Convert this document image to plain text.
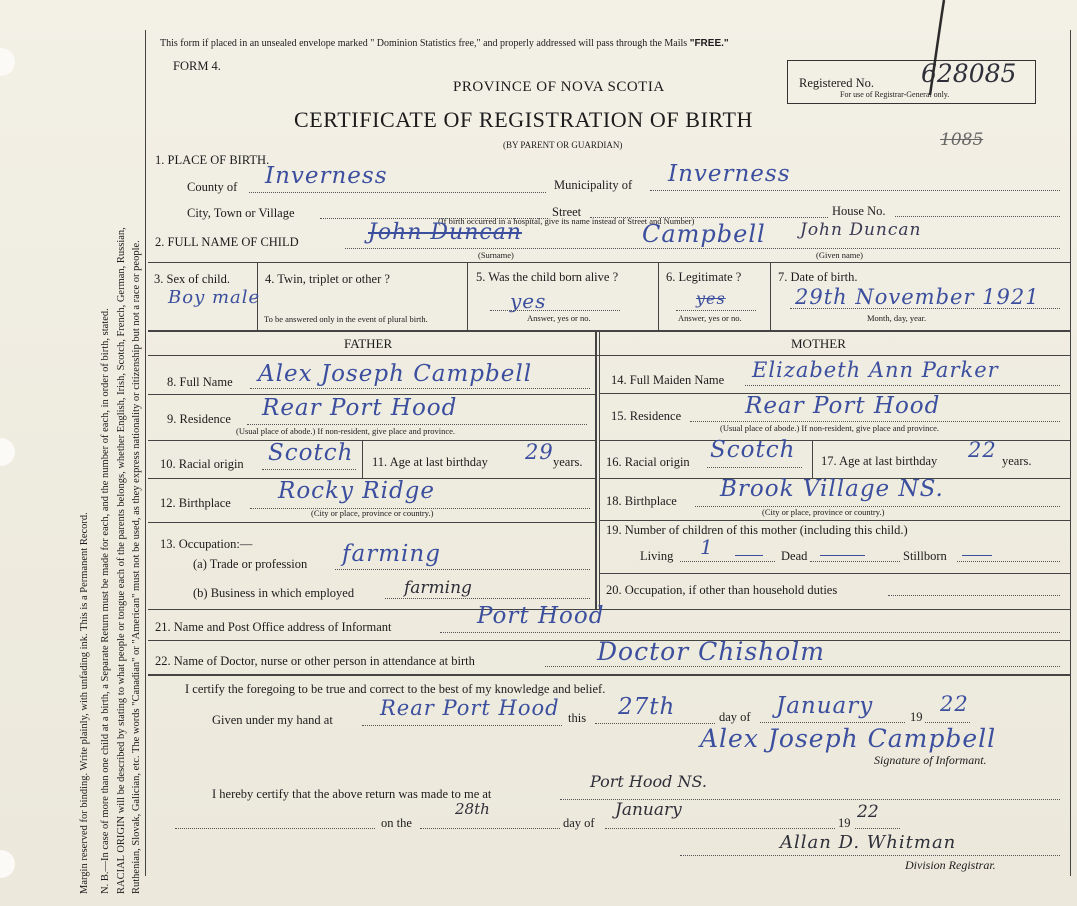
Margin reserved for binding. Write plainly, with unfading ink. This is a Permanent Record. N. B.—In case of more than one child at a birth, a Separate Return must be made for each, and the number of each, in order of birth, stated. RACIAL ORIGIN will be described by stating to what people or tongue each of the parents belongs, whether English, Irish, Scotch, French, German, Russian, Ruthenian, Slovak, Galician, etc. The words "Canadian" or "American" must not be used, as they express nationality or citizenship but not a race or people.
This form if placed in an unsealed envelope marked " Dominion Statistics free," and properly addressed will pass through the Mails "FREE."
FORM 4.
PROVINCE OF NOVA SCOTIA
CERTIFICATE OF REGISTRATION OF BIRTH
(BY PARENT OR GUARDIAN)
Registered No.
For use of Registrar-General only.
628085
1085
1. PLACE OF BIRTH.
County of Inverness	Municipality of Inverness
City, Town or Village	Street	House No.
(If birth occurred in a hospital, give its name instead of Street and Number)
2. FULL NAME OF CHILD	John Duncan	Campbell John Duncan
(Surname)	(Given name)
3. Sex of child.
Boy male
4. Twin, triplet or other ?
To be answered only in the event of plural birth.
5. Was the child born alive ?
yes
Answer, yes or no.
6. Legitimate ?
yes
Answer, yes or no.
7. Date of birth.
29th November 1921
Month, day, year.
FATHER	MOTHER
8. Full Name Alex Joseph Campbell
9. Residence Rear Port Hood
(Usual place of abode.) If non-resident, give place and province.
10. Racial origin Scotch 11. Age at last birthday 29 years.
12. Birthplace Rocky Ridge
(City or place, province or country.)
13. Occupation:—
(a) Trade or profession farming
(b) Business in which employed	farming
14. Full Maiden Name Elizabeth Ann Parker
15. Residence	Rear Port Hood
(Usual place of abode.) If non-resident, give place and province.
16. Racial origin Scotch 17. Age at last birthday 22 years.
18. Birthplace Brook Village NS.
(City or place, province or country.)
19. Number of children of this mother (including this child.)
Living 1	Dead	Stillborn
20. Occupation, if other than household duties
21. Name and Post Office address of Informant	Port Hood
22. Name of Doctor, nurse or other person in attendance at birth	Doctor Chisholm
I certify the foregoing to be true and correct to the best of my knowledge and belief.
Given under my hand at Rear Port Hood this 27th	day of January	19
22
Alex Joseph Campbell
Signature of Informant.
I hereby certify that the above return was made to me at
Port Hood NS.
on the
28th
day of
January
19
22
Allan D. Whitman
Division Registrar.
